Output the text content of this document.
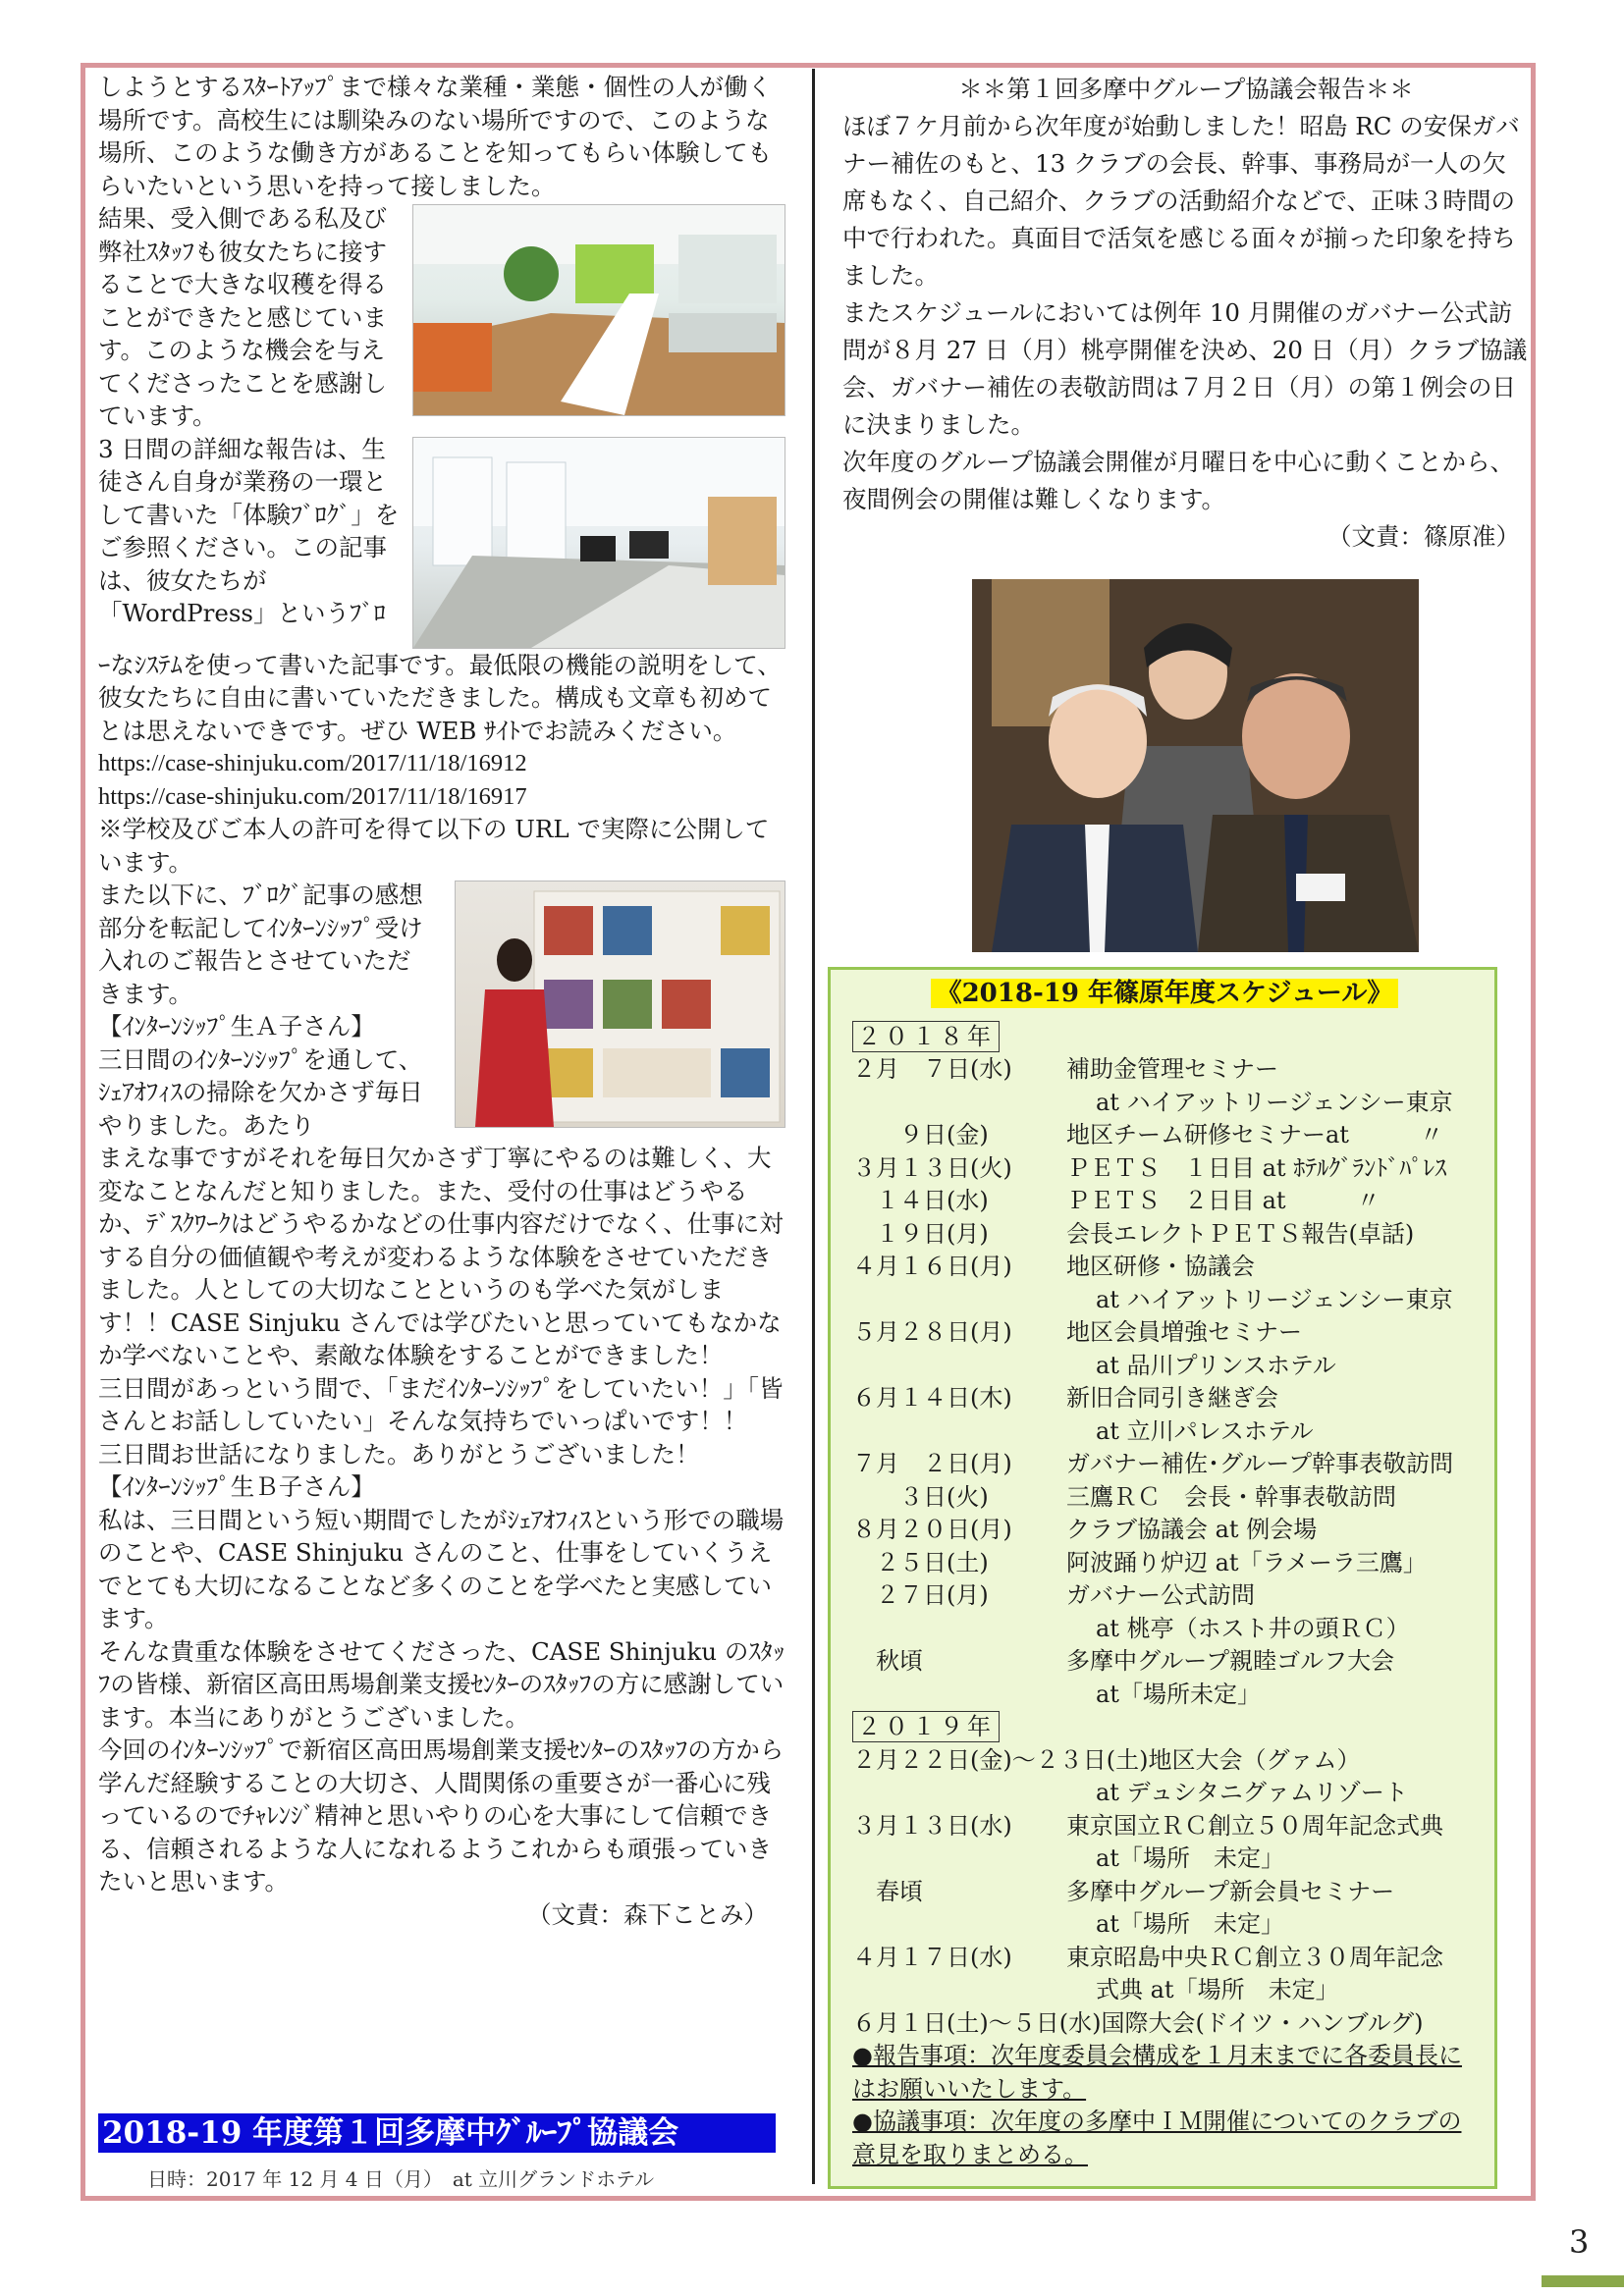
しようとするｽﾀｰﾄｱｯﾌﾟまで様々な業種・業態・個性の人が働く場所です。高校生には馴染みのない場所ですので、このような場所、このような働き方があることを知ってもらい体験してもらいたいという思いを持って接しました。

結果、受入側である私及び弊社ｽﾀｯﾌも彼女たちに接することで大きな収穫を得ることができたと感じています。このような機会を与えてくださったことを感謝しています。

3 日間の詳細な報告は、生徒さん自身が業務の一環として書いた「体験ﾌﾞﾛｸﾞ」をご参照ください。この記事は、彼女たちが「WordPress」というﾌﾞﾛ

ｰなｼｽﾃﾑを使って書いた記事です。最低限の機能の説明をして、彼女たちに自由に書いていただきました。構成も文章も初めてとは思えないできです。ぜひ WEB ｻｲﾄでお読みください。

https://case-shinjuku.com/2017/11/18/16912

https://case-shinjuku.com/2017/11/18/16917

※学校及びご本人の許可を得て以下の URL で実際に公開しています。

また以下に、ﾌﾞﾛｸﾞ記事の感想部分を転記してｲﾝﾀｰﾝｼｯﾌﾟ受け入れのご報告とさせていただきます。

【ｲﾝﾀｰﾝｼｯﾌﾟ生Ａ子さん】

三日間のｲﾝﾀｰﾝｼｯﾌﾟを通して、ｼｪｱｵﾌｨｽの掃除を欠かさず毎日やりました。あたり

まえな事ですがそれを毎日欠かさず丁寧にやるのは難しく、大変なことなんだと知りました。また、受付の仕事はどうやるか、ﾃﾞｽｸﾜｰｸはどうやるかなどの仕事内容だけでなく、仕事に対する自分の価値観や考えが変わるような体験をさせていただきました。人としての大切なことというのも学べた気がします！！CASE Sinjuku さんでは学びたいと思っていてもなかなか学べないことや、素敵な体験をすることができました！

三日間があっという間で、「まだｲﾝﾀｰﾝｼｯﾌﾟをしていたい！」「皆さんとお話ししていたい」そんな気持ちでいっぱいです！！

三日間お世話になりました。ありがとうございました！

【ｲﾝﾀｰﾝｼｯﾌﾟ生Ｂ子さん】

私は、三日間という短い期間でしたがｼｪｱｵﾌｨｽという形での職場のことや、CASE Shinjuku さんのこと、仕事をしていくうえでとても大切になることなど多くのことを学べたと実感しています。

そんな貴重な体験をさせてくださった、CASE Shinjuku のｽﾀｯﾌの皆様、新宿区高田馬場創業支援ｾﾝﾀｰのｽﾀｯﾌの方に感謝しています。本当にありがとうございました。

今回のｲﾝﾀｰﾝｼｯﾌﾟで新宿区高田馬場創業支援ｾﾝﾀｰのｽﾀｯﾌの方から学んだ経験することの大切さ、人間関係の重要さが一番心に残っているのでﾁｬﾚﾝｼﾞ精神と思いやりの心を大事にして信頼できる、信頼されるような人になれるようこれからも頑張っていきたいと思います。

（文責：森下ことみ）

2018-19 年度第１回多摩中ｸﾞﾙｰﾌﾟ協議会
日時：2017 年 12 月 4 日（月）　at 立川グランドホテル

＊＊第１回多摩中グループ協議会報告＊＊

ほぼ７ケ月前から次年度が始動しました！昭島 RC の安保ガバナー補佐のもと、13 クラブの会長、幹事、事務局が一人の欠席もなく、自己紹介、クラブの活動紹介などで、正味３時間の中で行われた。真面目で活気を感じる面々が揃った印象を持ちました。

またスケジュールにおいては例年 10 月開催のガバナー公式訪問が８月 27 日（月）桃亭開催を決め、20 日（月）クラブ協議会、ガバナー補佐の表敬訪問は７月２日（月）の第１例会の日に決まりました。

次年度のグループ協議会開催が月曜日を中心に動くことから、夜間例会の開催は難しくなります。

（文責：篠原准）

《2018-19 年篠原年度スケジュール》
２０１８年
２月　７日(水)	補助金管理セミナー
at ハイアットリージェンシー東京
　　９日(金)	地区チーム研修セミナーat　　　〃
３月１３日(火)	ＰＥＴＳ　１日目 at ﾎﾃﾙｸﾞﾗﾝﾄﾞﾊﾟﾚｽ
　１４日(水)	ＰＥＴＳ　２日目 at　　　〃
　１９日(月)	会長エレクトＰＥＴＳ報告(卓話)
４月１６日(月)	地区研修・協議会
at ハイアットリージェンシー東京
５月２８日(月)	地区会員増強セミナー
at 品川プリンスホテル
６月１４日(木)	新旧合同引き継ぎ会
at 立川パレスホテル
７月　２日(月)	ガバナー補佐･グループ幹事表敬訪問
　　３日(火)	三鷹ＲＣ　会長・幹事表敬訪問
８月２０日(月)	クラブ協議会 at 例会場
　２５日(土)	阿波踊り炉辺 at「ラメーラ三鷹」
　２７日(月)	ガバナー公式訪問
at 桃亭（ホスト井の頭ＲＣ）
　秋頃	多摩中グループ親睦ゴルフ大会
at「場所未定」
２０１９年
２月２２日(金)〜２３日(土)地区大会（グァム）
at デュシタニグァムリゾート
３月１３日(水)	東京国立ＲＣ創立５０周年記念式典
at「場所　未定」
　春頃	多摩中グループ新会員セミナー
at「場所　未定」
４月１７日(水)	東京昭島中央ＲＣ創立３０周年記念
式典 at「場所　未定」
６月１日(土)〜５日(水)国際大会(ドイツ・ハンブルグ)
●報告事項：次年度委員会構成を１月末までに各委員長にはお願いいたします。
●協議事項：次年度の多摩中ＩＭ開催についてのクラブの意見を取りまとめる。
3
